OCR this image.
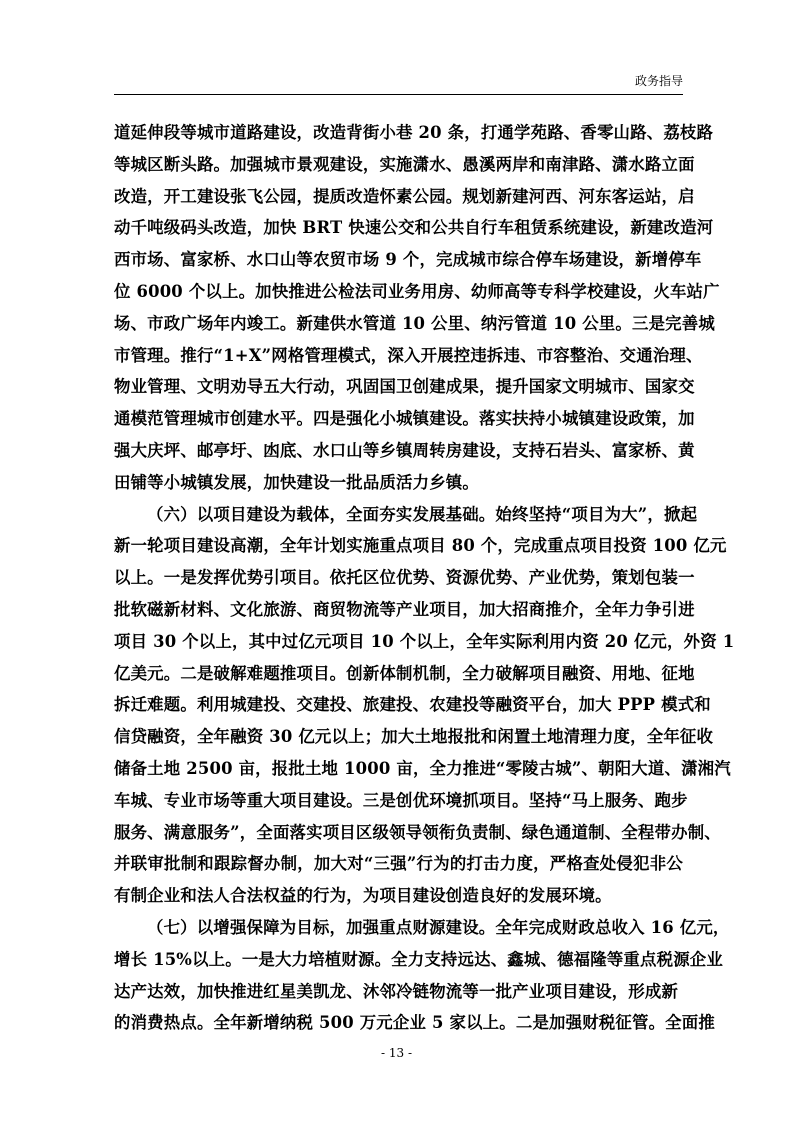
政务指导
道延伸段等城市道路建设，改造背街小巷 20 条，打通学苑路、香零山路、荔枝路
等城区断头路。加强城市景观建设，实施潇水、愚溪两岸和南津路、潇水路立面
改造，开工建设张飞公园，提质改造怀素公园。规划新建河西、河东客运站，启
动千吨级码头改造，加快 BRT 快速公交和公共自行车租赁系统建设，新建改造河
西市场、富家桥、水口山等农贸市场 9 个，完成城市综合停车场建设，新增停车
位 6000 个以上。加快推进公检法司业务用房、幼师高等专科学校建设，火车站广
场、市政广场年内竣工。新建供水管道 10 公里、纳污管道 10 公里。三是完善城
市管理。推行“1+X”网格管理模式，深入开展控违拆违、市容整治、交通治理、
物业管理、文明劝导五大行动，巩固国卫创建成果，提升国家文明城市、国家交
通模范管理城市创建水平。四是强化小城镇建设。落实扶持小城镇建设政策，加
强大庆坪、邮亭圩、凼底、水口山等乡镇周转房建设，支持石岩头、富家桥、黄
田铺等小城镇发展，加快建设一批品质活力乡镇。
（六）以项目建设为载体，全面夯实发展基础。始终坚持“项目为大”，掀起
新一轮项目建设高潮，全年计划实施重点项目 80 个，完成重点项目投资 100 亿元
以上。一是发挥优势引项目。依托区位优势、资源优势、产业优势，策划包装一
批软磁新材料、文化旅游、商贸物流等产业项目，加大招商推介，全年力争引进
项目 30 个以上，其中过亿元项目 10 个以上，全年实际利用内资 20 亿元，外资 1
亿美元。二是破解难题推项目。创新体制机制，全力破解项目融资、用地、征地
拆迁难题。利用城建投、交建投、旅建投、农建投等融资平台，加大 PPP 模式和
信贷融资，全年融资 30 亿元以上；加大土地报批和闲置土地清理力度，全年征收
储备土地 2500 亩，报批土地 1000 亩，全力推进“零陵古城”、朝阳大道、潇湘汽
车城、专业市场等重大项目建设。三是创优环境抓项目。坚持“马上服务、跑步
服务、满意服务”，全面落实项目区级领导领衔负责制、绿色通道制、全程带办制、
并联审批制和跟踪督办制，加大对“三强”行为的打击力度，严格查处侵犯非公
有制企业和法人合法权益的行为，为项目建设创造良好的发展环境。
（七）以增强保障为目标，加强重点财源建设。全年完成财政总收入 16 亿元，
增长 15%以上。一是大力培植财源。全力支持远达、鑫城、德福隆等重点税源企业
达产达效，加快推进红星美凯龙、沐邻冷链物流等一批产业项目建设，形成新
的消费热点。全年新增纳税 500 万元企业 5 家以上。二是加强财税征管。全面推
- 13 -
